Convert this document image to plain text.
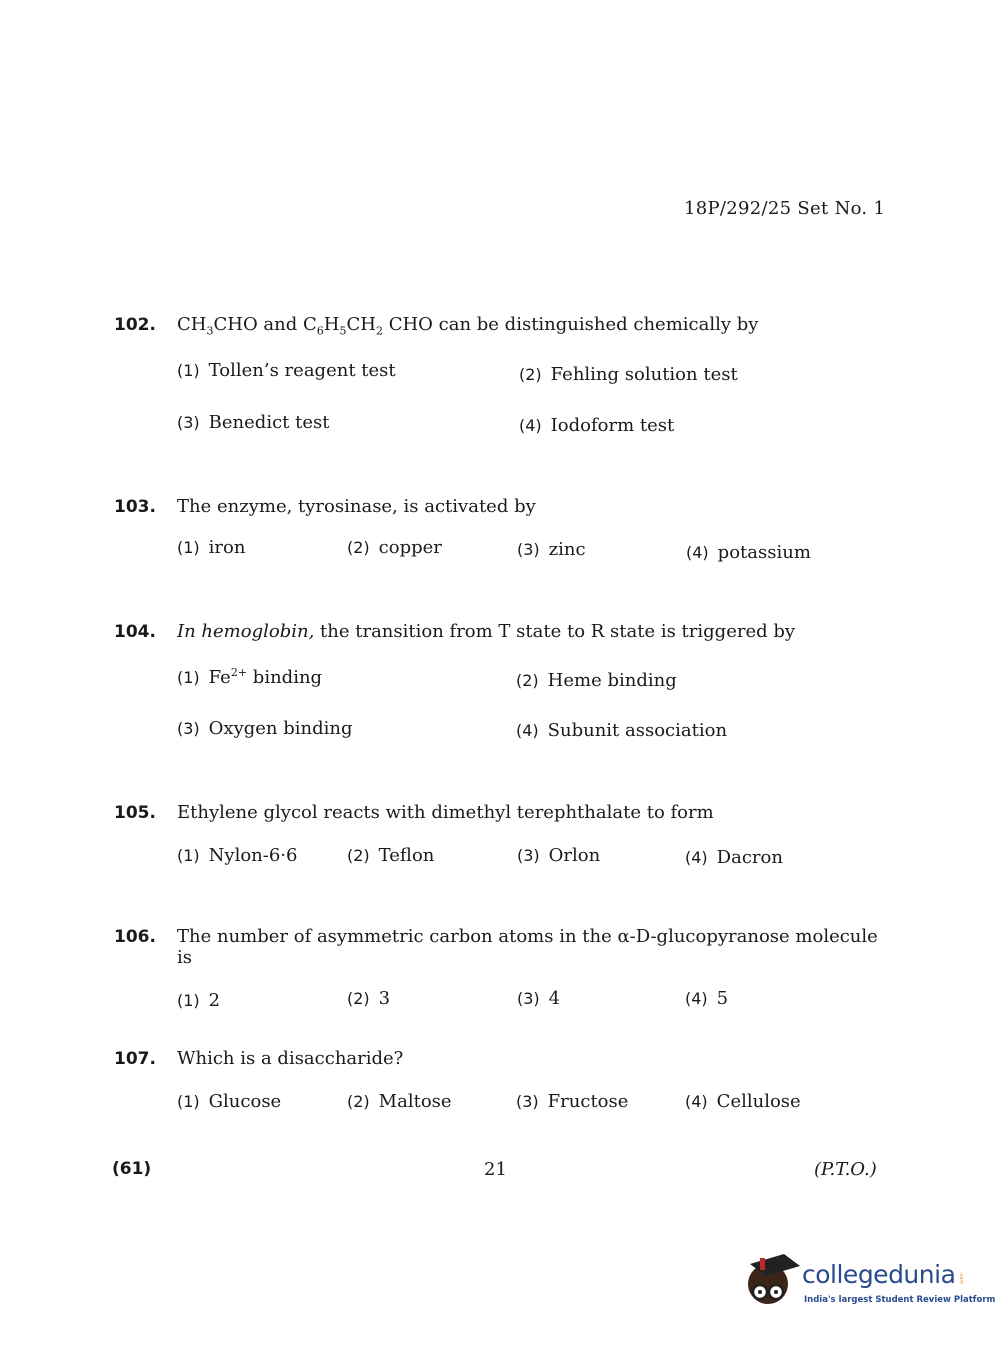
18P/292/25 Set No. 1
102.	$CH_3CHO$ and $C_6H_5CH_2$ CHO can be distinguished chemically by
(1) Tollen’s reagent test	(2) Fehling solution test
(3) Benedict test	(4) Iodoform test
103.	The enzyme, tyrosinase, is activated by
(1) iron	(2) copper	(3) zinc	(4) potassium
104.	In hemoglobin, the transition from T state to R state is triggered by
(1) $Fe^{2+}$ binding	(2) Heme binding
(3) Oxygen binding	(4) Subunit association
105.	Ethylene glycol reacts with dimethyl terephthalate to form
(1) Nylon-6·6	(2) Teflon	(3) Orlon	(4) Dacron
106.	The number of asymmetric carbon atoms in the α-D-glucopyranose molecule is
(1) 2	(2) 3	(3) 4	(4) 5
107.	Which is a disaccharide?
(1) Glucose	(2) Maltose	(3) Fructose	(4) Cellulose
(61)	21	(P.T.O.)
collegedunia .com
India's largest Student Review Platform
